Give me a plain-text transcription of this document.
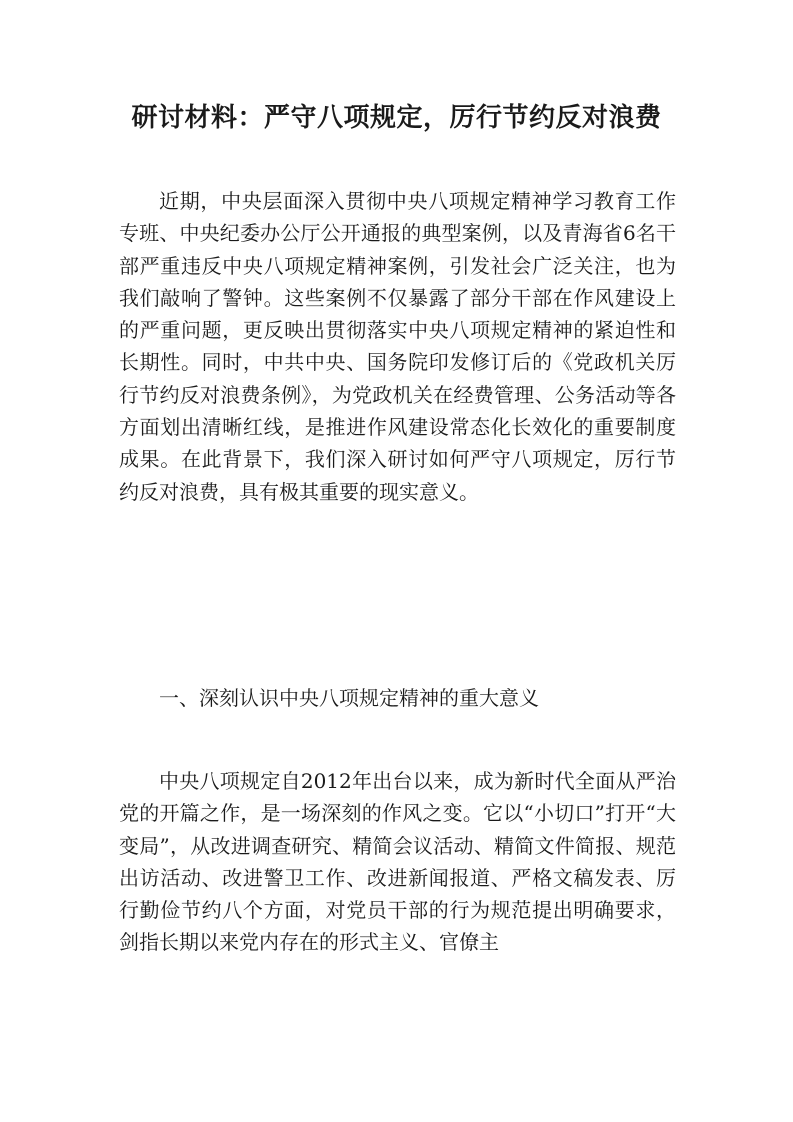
研讨材料：严守八项规定，厉行节约反对浪费

近期，中央层面深入贯彻中央八项规定精神学习教育工作专班、中央纪委办公厅公开通报的典型案例，以及青海省6名干部严重违反中央八项规定精神案例，引发社会广泛关注，也为我们敲响了警钟。这些案例不仅暴露了部分干部在作风建设上的严重问题，更反映出贯彻落实中央八项规定精神的紧迫性和长期性。同时，中共中央、国务院印发修订后的《党政机关厉行节约反对浪费条例》，为党政机关在经费管理、公务活动等各方面划出清晰红线，是推进作风建设常态化长效化的重要制度成果。在此背景下，我们深入研讨如何严守八项规定，厉行节约反对浪费，具有极其重要的现实意义。

一、深刻认识中央八项规定精神的重大意义

中央八项规定自2012年出台以来，成为新时代全面从严治党的开篇之作，是一场深刻的作风之变。它以“小切口”打开“大变局”，从改进调查研究、精简会议活动、精简文件简报、规范出访活动、改进警卫工作、改进新闻报道、严格文稿发表、厉行勤俭节约八个方面，对党员干部的行为规范提出明确要求，剑指长期以来党内存在的形式主义、官僚主
